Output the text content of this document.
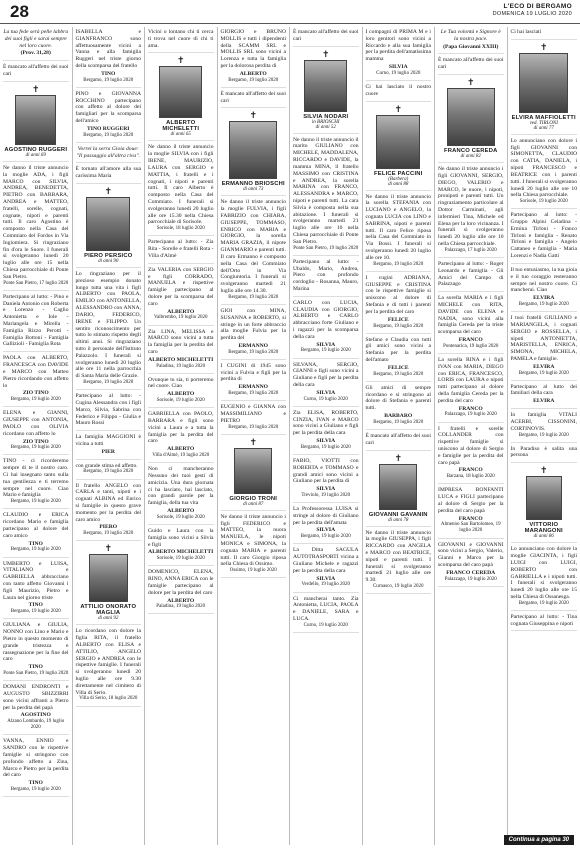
28	L'ECO DI BERGAMO
DOMENICA 19 LUGLIO 2020

La tua fede serà pelle labbra dei suoi figli e sarai sempre nel loro cuore.

(Prov. 31,28)

È mancato all'affetto dei suoi cari

✝
AGOSTINO RUGGERI
di anni 69

Ne danno il triste annuncio la moglie ADA, i figli MARCO con SILVIA, ANDREA, BENEDETTA, PIETRO con BARBARA, ANDREA e MATTEO, fratelli, sorelle, cognati, cognate, nipoti e parenti tutti. Il caro Agostino è composto nella Casa del Commiato del Fordos in Via Ingiomiera. Si ringraziano fin d'ora le Suore. I funerali si svolgeranno lunedì 20 luglio alle ore 15 nella Chiesa parrocchiale di Ponte San Pietro.

Ponte San Pietro, 17 luglio 2020

Partecipano al lutto: - Pino e Daniela Antonio con Roberta e Lorenzo - Caglio Antonietta e Iole - Mariangela e Mirella - Famiglia Rizzo Perotti - Famiglia Bottoni - Famiglia Gallizioli - Famiglia Rota

PAOLA con ALBERTO, FRANCESCA con DAVIDE e MARCO con Matteo Pietro ricordando con affetto lo

ZIO TINO
Bergamo, 19 luglio 2020

ELENA e GIANNI, GIUSEPPE con ANTONIA, PAOLO con OLIVIA ricordano con affetto lo

ZIO TINO
Bergamo, 19 luglio 2020

TINO - ci ricorderemo sempre di te il nostro caro. Ci hai insegnato tanto sulla tua gentilezza e ti terremo sempre nel cuore. Ciao Mario e famiglia

Bergamo, 19 luglio 2020

CLAUDIO e ERICA ricordano Mario e famiglia partecipano al dolore del caro amico

TINO
Bergamo, 19 luglio 2020

UMBERTO e LUISA, VITALIANO e GABRIELLA abbracciano con tanto affetto Giovanni i figli Maurizio, Pietro e Laura nel giorno triste

TINO
Bergamo, 19 luglio 2020

GIULIANA e GIULIA, NONNO con Lino e Mario e Pietro in questo momento di grande tristezza e rassegnazione per la fine del caro

TINO
Ponte San Pietro, 19 luglio 2020

DOMANI ENDRONTI e AUGUSTO SBIZZIRRI sono vicini affranti a Pietro per la perdita del papà

AGOSTINO
Alzano Lombardo, 19 luglio 2020

VANNA, ENNIO e SANDRO con le rispettive famiglie si stringono con profondo affetto a Zina, Marco e Pietro per la perdita del caro

TINO
Bergamo, 19 luglio 2020

ISABELLA e GIANFRANCO sono affettuosamente vicini a Vanna e alla famiglia Ruggeri nel triste giorno della scomparsa del fratello

TINO
Bergamo, 19 luglio 2020

PINO e GIOVANNA ROCCHINO partecipano con affetto al dolore dei famigliari per la scomparsa dell'amico

TINO RUGGERI
Bergamo, 19 luglio 2020

Vorrei la serra Gioia doue: "Il passaggio all'altra riva".

È tornato all'amore alla sua carissima Maria

✝
PIERO PERSICO
di anni 90

Lo ringraziano per il prezioso esempio donato lungo tutta una vita i figli ALBERTO con PAOLA, EMILIO con ANTONELLA, ALESSANDRO con ANNA, DARIO, FEDERICO, IRENE e FILIPPO. Un sentito riconoscimento per tutto lo stimato rispetto degli ultimi anni. Si ringraziano tutto il personale dell'Istituto Palazzolo. I funerali si svolgeranno lunedì 20 luglio alle ore 11 nella parrocchia di Santa Maria delle Grazie.

Bergamo, 19 luglio 2020

Partecipano al lutto: - Cugina Alessandra con i figli Marco, Silvia, Sabrina con Federico e Filippo - Giulia e Mauro Rossi

La famiglia MAGGIONI è vicina a tutti

PIER

con grande stima ed affetto.

Bergamo, 19 luglio 2020

Il fratello ANGELO con CARLA e tanti, nipoti e i cognati ALBINA ed Enrico si famiglie in questo grave momento per la perdita del caro amico

PIERO
Bergamo, 19 luglio 2020
✝
ATTILIO ONORATO MAGLIA
di anni 92

Lo ricordano con dolore la figlia RITA, il fratello ALBERTO con ELISA e ATTILIO, ANGELO SERGIO e ANDREA con le rispettive famiglie. I funerali si svolgeranno lunedì 20 luglio alle ore 9.30 direttamente nel cimitero di Villa di Serio.

Villa di Serio, 18 luglio 2020

Vicini o lontano chi ti cerca ti trova nel cuore di chi ti ama.

✝
ALBERTO MICHELETTI
di anni 65

Ne danno il triste annuncio la moglie SILVIA con i figli IRENE, MAURIZIO, LAURA con SERGIO e MATTIA, i fratelli e i cognati, i nipoti e parenti tutti. Il caro Alberto è composto nella Casa del Commiato. I funerali si svolgeranno lunedì 20 luglio alle ore 15.30 nella Chiesa parrocchiale di Sorisole.

Sorisole, 18 luglio 2020

Partecipano al lutto: - Zia Rita - Sorelle e fratelli Rota - Villa d'Almè

Zia VALERIA con SERGIO e figli CORRADO, MANUELA e rispettive famiglie partecipano al dolore per la scomparsa del caro

ALBERTO
Valbrembo, 19 luglio 2020

Zia LINA, MELISSA e MARCO sono vicini a tutta la famiglia per la perdita del caro

ALBERTO MICHELETTI
Paladina, 19 luglio 2020

Ovunque tu sia, ti porteremo nel cuore. Ciao

ALBERTO
Sorisole, 19 luglio 2020

GABRIELLA con PAOLO, BARBARA e figli sono vicini a Laura e a tutta la famiglia per la perdita del caro

ALBERTO
Villa d'Almè, 19 luglio 2020

Non ci mancheranno Nessuno dei tuoi gesti di amicizia. Una dura giornata ci ha lasciato, hai lasciato, con grandi parole per la famiglia, della tua vita

ALBERTO
Sorisole, 19 luglio 2020

Guido e Laura con la famiglia sono vicini a Silvia e figli

ALBERTO MICHELETTI
Sorisole, 19 luglio 2020

DOMENICO, ELENA, RINO, ANNA ERICA con le famiglie partecipano al dolore per la perdita del caro

ALBERTO
Paladina, 19 luglio 2020

GIORGIO e BRUNO MOLLIS e tutti i dipendenti della SCAMM SRL e MOLLIS SRL sono vicini a Lorenza e tutta la famiglia per la dolorosa perdita di

ALBERTO
Bergamo, 19 luglio 2020

È mancato all'affetto dei suoi cari

✝
ERMANNO BRIOSCHI
di anni 73

Ne danno il triste annuncio la moglie FULVIA, i figli FABRIZIO con CHIARA, GIUSEPPE, TOMMASO, ENRICO con MARIA e GIORGIO, la sorella MARIA GRAZIA, il nipote GIANMARIO e parenti tutti. Il caro Ermanno è composto nella Casa del Commiato dell'Orto in Via Congiuntoria. I funerali si svolgeranno martedì 21 luglio alle ore 14.30.

Bergamo, 19 luglio 2020

GIOI con MINA, SUSANNA e ROBERTO, si stringe in un forte abbraccio alla moglie Fulvia per la perdita del

ERMANNO
Bergamo, 19 luglio 2020

I CUGINI di 1945 sono vicini a Fulvia e figli per la perdita di

ERMANNO
Bergamo, 19 luglio 2020

EUGENIO e GIANNA con MASSIMILIANO e PIETRO

Bergamo, 19 luglio 2020
✝
GIORGIO TRONI
di anni 87

Ne danno il triste annuncio i figli FEDERICO e MATTEO, la nuora MANUELA, le nipoti MONICA e SIMONA, la cognata MARIA e parenti tutti. Il caro Giorgio riposa nella Chiesa di Ossimo.

Ossimo, 19 luglio 2020

È mancato all'affetto dei suoi cari

✝
SILVIA NODARI
in BRIOSCHI
di anni 52

Ne danno il triste annuncio il marito GIULIANO con MICHELE, MADDALENA, RICCARDO e DAVIDE, la mamma MINA, il fratello MASSIMO con CRISTINA e ANDREA, la sorella MARINA con FRANCO, ALESSANDRA e MARCO, nipoti e parenti tutti. La cara Silvia è composta nella sua abitazione. I funerali si svolgeranno martedì 21 luglio alle ore 10 nella Chiesa parrocchiale di Ponte San Pietro.

Ponte San Pietro, 19 luglio 2020

Partecipano al lutto: - Ubaldo, Mario, Andrea, Piero con profondo cordoglio - Rosanna, Mauro, Marina

CARLO con LUCIA, CLAUDIA con GIORGIO, ALBERTO e CARLO abbracciano forte Giuliano e i ragazzi per la scomparsa della cara

SILVIA
Bergamo, 19 luglio 2020

SILVANA, SERGIO, GIANNI e figli sono vicini a Giuliano e figli per la perdita della cara

SILVIA
Curno, 19 luglio 2020

Zia ELISA, ROBERTO, CINZIA, IVAN e MARCO sono vicini a Giuliano e figli per la perdita della cara

SILVIA
Bergamo, 19 luglio 2020

FABIO, VIOTTI con ROBERTA e TOMMASO e grandi amici sono vicini a Giuliano per la perdita di

SILVIA
Treviolo, 19 luglio 2020

La Professoressa LUISA si stringe al dolore di Giuliano per la perdita dell'amata

SILVIA
Bergamo, 19 luglio 2020

La Ditta SAGULA AUTOTRASPORTI vicina a Giuliano Michele e ragazzi per la perdita della cara

SILVIA
Verdello, 19 luglio 2020

Ci mancherai tanto. Zia Antonietta, LUCIA, PAOLA e DANIELE, SARA e LUCA.

Curno, 19 luglio 2020

I compagni di PRIMA M e i loro genitori sono vicini a Riccardo e alla sua famiglia per la perdita dell'amatissima mamma

SILVIA
Curno, 19 luglio 2020

Ci hai lasciato il nostro cuore

✝
FELICE PACCINI
(Barbera)
di anni 88

Ne danno il triste annuncio la sorella STEFANIA con LUCIANO e ANGELO, la cognata LUCIA con LINO e SABRINA, nipoti e parenti tutti. Il caro Felice riposa nella Casa del Commiato in Via Bossi. I funerali si svolgeranno lunedì 20 luglio alle ore 10.

Bergamo, 19 luglio 2020

I cugini ADRIANA, GIUSEPPE e CRISTINA con le rispettive famiglie si uniscono al dolore di Stefania e di tutti i parenti per la perdita del caro

FELICE
Bergamo, 19 luglio 2020

Stefano e Claudia con tutti gli amici sono vicini a Stefania per la perdita dell'amato

FELICE
Bergamo, 19 luglio 2020

Gli amici di sempre ricordano e si stringono al dolore di Stefania e parenti tutti.

BARBARO
Bergamo, 19 luglio 2020

È mancato all'affetto dei suoi cari

✝
GIOVANNI GAVANIN
di anni 78

Ne danno il triste annuncio la moglie GIUSEPPA, i figli RICCARDO con ANGELA e MARCO con BEATRICE, nipoti e parenti tutti. I funerali si svolgeranno martedì 21 luglio alle ore 9.30.

Curnasco, 19 luglio 2020

Le Tua volontà e Signore è la nostra pace.

(Papa Giovanni XXIII)

È mancato all'affetto dei suoi cari

✝
FRANCO CEREDA
di anni 82

Ne danno il triste annuncio i figli GIOVANNI, SERGIO, DIEGO, VALERIO e MARCO, le nuore, i nipoti, pronipoti e parenti tutti. Un ringraziamento particolare al Dottor Carminati, agli infermieri Tina, Michele ed Elena per la loro vicinanza. I funerali si svolgeranno lunedì 20 luglio alle ore 10 nella Chiesa parrocchiale.

Palazzago, 17 luglio 2020

Partecipano al lutto: - Roger Leonardo e famiglia - Gli Amici del Campo di Palazzago

La sorella MARIA e i figli MICHELE con RITA, DAVIDE con ELENA e NADIA, sono vicini alla famiglia Cereda per la triste scomparsa del caro

FRANCO
Pontenarica, 19 luglio 2020

La sorella RINA e i figli IVAN con MARIA, DIEGO con ERICA, FRANCESCO, LORIS con LAURA e nipoti tutti partecipano al dolore della famiglia Cereda per la perdita del caro

FRANCO
Palazzago, 19 luglio 2020

I fratelli e sorelle COLLANDER con rispettive famiglie si uniscono al dolore di Sergio e famiglie per la perdita del caro papà

FRANCO
Barzana, 18 luglio 2020

IMPRESA BONFANTI LUCA e FIGLI partecipano al dolore di Sergio per la perdita del caro papà

FRANCO
Almenno San Bartolomeo, 19 luglio 2020

GIOVANNI e GIOVANNI sono vicini a Sergio, Valerio, Gianni e Marco per la scomparsa del caro papà

FRANCO CEREDA
Palazzago, 19 luglio 2020

Ci hai lasciati

✝
ELVIRA MAFFIOLETTI
ved. TIRLONI
di anni 77

Lo annunciano con dolore i figli GIOVANNI con SIMONETTA, CLAUDIO con CATIA, DANIELA, i nipoti FRANCESCO e BEATRICE con i parenti tutti. I funerali si svolgeranno lunedì 20 luglio alle ore 10 nella Chiesa parrocchiale.

Sorisole, 19 luglio 2020

Partecipano al lutto: - Gruppo Alpini Celadina - Ermina Tirloni - Franco Tirloni e famiglia - Renato Tirloni e famiglia - Angelo Cattaneo e famiglia - Maria Lorenzi e Nadia Gatti

Il tuo entusiasmo, la tua gioia e il tuo coraggio resteranno sempre nel nostro cuore. Ci mancherai. Ciao

ELVIRA
Bergamo, 19 luglio 2020

I tuoi fratelli GIULIANO e MARIANGELA, i cognati SERGIO e ROSSELLA, i nipoti ANTONIETTA, MARISTELLA, ENRICA, SIMONA, MICHELA, PAMELA e famiglie.

ELVIRA
Bergamo, 19 luglio 2020

Partecipano al lutto dei familiari della cara

ELVIRA

In famiglia VITALI ACERBI, CISSONINI, CORTINOVIS.

Bergamo, 19 luglio 2020

In Paradiso è salita una persona

✝
VITTORIO MARANGONI
di anni 86

Lo annunciano con dolore la moglie GIACINTA, i figli LUIGI con LUIGI, ROBERTO con GABRIELLA e i nipoti tutti. I funerali si svolgeranno lunedì 20 luglio alle ore 15 nella Chiesa di Ossanesga.

Bergamo, 19 luglio 2020

Partecipano al lutto: - Tina cognata Giuseppina e nipoti

Continua a pagina 30
